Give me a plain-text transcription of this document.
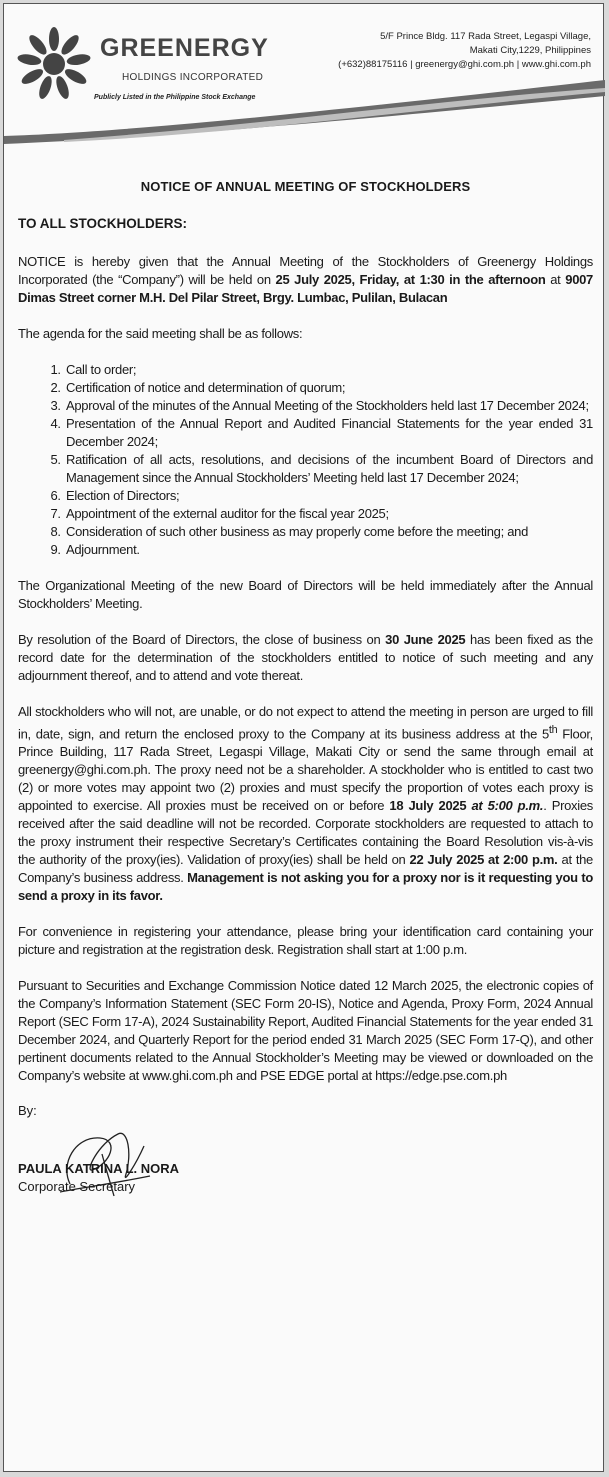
GREENERGY
HOLDINGS INCORPORATED
Publicly Listed in the Philippine Stock Exchange
5/F Prince Bldg. 117 Rada Street, Legaspi Village,
Makati City,1229, Philippines
(+632)88175116 | greenergy@ghi.com.ph | www.ghi.com.ph
NOTICE OF ANNUAL MEETING OF STOCKHOLDERS
TO ALL STOCKHOLDERS:

NOTICE is hereby given that the Annual Meeting of the Stockholders of Greenergy Holdings Incorporated (the “Company”) will be held on 25 July 2025, Friday, at 1:30 in the afternoon at 9007 Dimas Street corner M.H. Del Pilar Street, Brgy. Lumbac, Pulilan, Bulacan

The agenda for the said meeting shall be as follows:

1. Call to order;
2. Certification of notice and determination of quorum;
3. Approval of the minutes of the Annual Meeting of the Stockholders held last 17 December 2024;
4. Presentation of the Annual Report and Audited Financial Statements for the year ended 31 December 2024;
5. Ratification of all acts, resolutions, and decisions of the incumbent Board of Directors and Management since the Annual Stockholders’ Meeting held last 17 December 2024;
6. Election of Directors;
7. Appointment of the external auditor for the fiscal year 2025;
8. Consideration of such other business as may properly come before the meeting; and
9. Adjournment.

The Organizational Meeting of the new Board of Directors will be held immediately after the Annual Stockholders’ Meeting.

By resolution of the Board of Directors, the close of business on 30 June 2025 has been fixed as the record date for the determination of the stockholders entitled to notice of such meeting and any adjournment thereof, and to attend and vote thereat.

All stockholders who will not, are unable, or do not expect to attend the meeting in person are urged to fill in, date, sign, and return the enclosed proxy to the Company at its business address at the 5th Floor, Prince Building, 117 Rada Street, Legaspi Village, Makati City or send the same through email at greenergy@ghi.com.ph. The proxy need not be a shareholder. A stockholder who is entitled to cast two (2) or more votes may appoint two (2) proxies and must specify the proportion of votes each proxy is appointed to exercise. All proxies must be received on or before 18 July 2025 at 5:00 p.m.. Proxies received after the said deadline will not be recorded. Corporate stockholders are requested to attach to the proxy instrument their respective Secretary’s Certificates containing the Board Resolution vis-à-vis the authority of the proxy(ies). Validation of proxy(ies) shall be held on 22 July 2025 at 2:00 p.m. at the Company’s business address. Management is not asking you for a proxy nor is it requesting you to send a proxy in its favor.

For convenience in registering your attendance, please bring your identification card containing your picture and registration at the registration desk. Registration shall start at 1:00 p.m.

Pursuant to Securities and Exchange Commission Notice dated 12 March 2025, the electronic copies of the Company’s Information Statement (SEC Form 20-IS), Notice and Agenda, Proxy Form, 2024 Annual Report (SEC Form 17-A), 2024 Sustainability Report, Audited Financial Statements for the year ended 31 December 2024, and Quarterly Report for the period ended 31 March 2025 (SEC Form 17-Q), and other pertinent documents related to the Annual Stockholder’s Meeting may be viewed or downloaded on the Company’s website at www.ghi.com.ph and PSE EDGE portal at https://edge.pse.com.ph

By:
PAULA KATRINA L. NORA
Corporate Secretary
